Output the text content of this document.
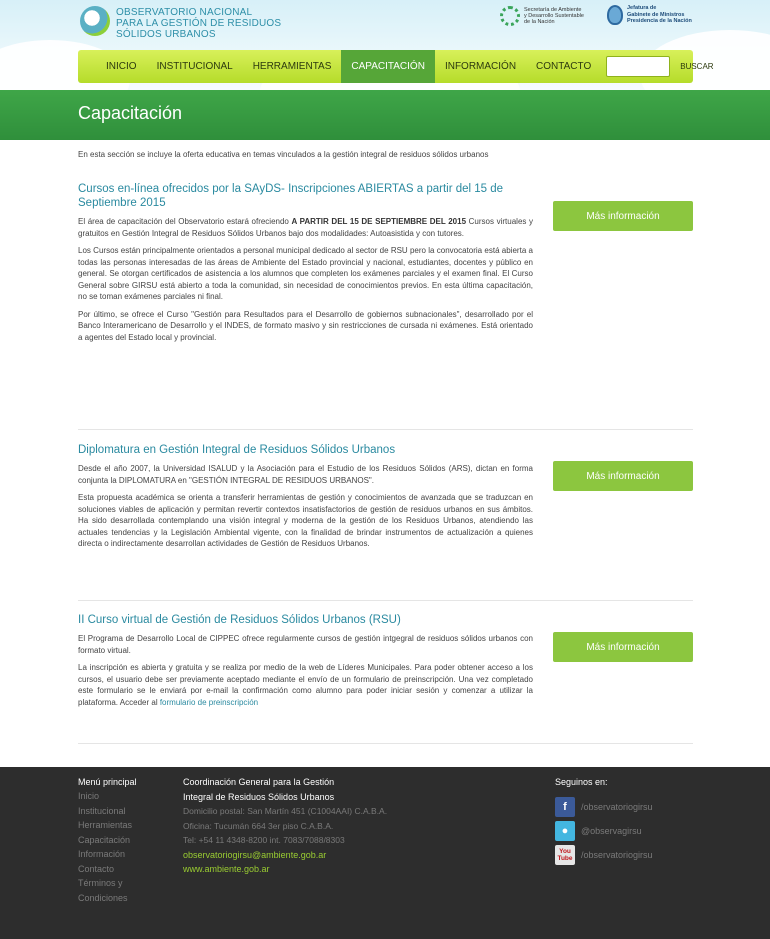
OBSERVATORIO NACIONAL
PARA LA GESTIÓN DE RESIDUOS
SÓLIDOS URBANOS
Secretaría de Ambiente
y Desarrollo Sustentable
de la Nación
Jefatura de
Gabinete de Ministros
Presidencia de la Nación
INICIO	INSTITUCIONAL	HERRAMIENTAS	CAPACITACIÓN	INFORMACIÓN	CONTACTO	BUSCAR
Capacitación
En esta sección se incluye la oferta educativa en temas vinculados a la gestión integral de residuos sólidos urbanos
Cursos en-línea ofrecidos por la SAyDS- Inscripciones ABIERTAS a partir del 15 de Septiembre 2015
Más información
El área de capacitación del Observatorio estará ofreciendo A PARTIR DEL 15 DE SEPTIEMBRE DEL 2015 Cursos virtuales y gratuitos en Gestión Integral de Residuos Sólidos Urbanos bajo dos modalidades: Autoasistida y con tutores.
Los Cursos están principalmente orientados a personal municipal dedicado al sector de RSU pero la convocatoria está abierta a todas las personas interesadas de las áreas de Ambiente del Estado provincial y nacional, estudiantes, docentes y público en general. Se otorgan certificados de asistencia a los alumnos que completen los exámenes parciales y el examen final. El Curso General sobre GIRSU está abierto a toda la comunidad, sin necesidad de conocimientos previos. En esta última capacitación, no se toman exámenes parciales ni final.
Por último, se ofrece el Curso "Gestión para Resultados para el Desarrollo de gobiernos subnacionales", desarrollado por el Banco Interamericano de Desarrollo y el INDES, de formato masivo y sin restricciones de cursada ni exámenes. Está orientado a agentes del Estado local y provincial.
Diplomatura en Gestión Integral de Residuos Sólidos Urbanos
Más información
Desde el año 2007, la Universidad ISALUD y la Asociación para el Estudio de los Residuos Sólidos (ARS), dictan en forma conjunta la DIPLOMATURA en "GESTIÓN INTEGRAL DE RESIDUOS URBANOS".
Esta propuesta académica se orienta a transferir herramientas de gestión y conocimientos de avanzada que se traduzcan en soluciones viables de aplicación y permitan revertir contextos insatisfactorios de gestión de residuos urbanos en sus ámbitos. Ha sido desarrollada contemplando una visión integral y moderna de la gestión de los Residuos Urbanos, atendiendo las actuales tendencias y la Legislación Ambiental vigente, con la finalidad de brindar instrumentos de actualización a quienes directa o indirectamente desarrollan actividades de Gestión de Residuos Urbanos.
II Curso virtual de Gestión de Residuos Sólidos Urbanos (RSU)
Más información
El Programa de Desarrollo Local de CIPPEC ofrece regularmente cursos de gestión intgegral de residuos sólidos urbanos con formato virtual.
La inscripción es abierta y gratuita y se realiza por medio de la web de Líderes Municipales. Para poder obtener acceso a los cursos, el usuario debe ser previamente aceptado mediante el envío de un formulario de preinscripción. Una vez completado este formulario se le enviará por e-mail la confirmación como alumno para poder iniciar sesión y comenzar a utilizar la plataforma. Acceder al formulario de preinscripción
Menú principal
Inicio
Institucional
Herramientas
Capacitación
Información
Contacto
Términos y
Condiciones
Coordinación General para la Gestión
Integral de Residuos Sólidos Urbanos
Domicilio postal: San Martín 451 (C1004AAI) C.A.B.A.
Oficina: Tucumán 664 3er piso C.A.B.A.
Tel: +54 11 4348-8200 int. 7083/7088/8303
observatoriogirsu@ambiente.gob.ar
www.ambiente.gob.ar
Seguinos en:
f	/observatoriogirsu
●	@observagirsu
You
Tube /observatoriogirsu
